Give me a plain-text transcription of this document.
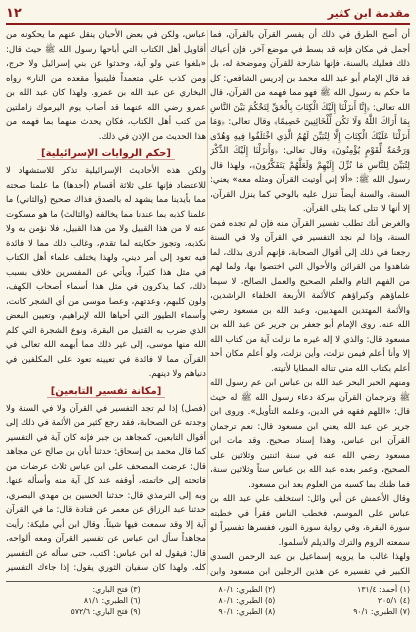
مقدمة ابن كثير
١٢

أن أصح الطرق في ذلك أن يفسر القرآن بالقرآن، فما أجمل في مكان فإنه قد بسط في موضع آخر، فإن أعياك ذلك فعليك بالسنة، فإنها شارحة للقرآن وموضحة له، بل قد قال الإمام أبو عبد الله محمد بن إدريس الشافعي: كل ما حكم به رسول الله ﷺ فهو مما فهمه من القرآن، قال الله تعالى: ﴿إِنَّا أَنزَلْنَا إِلَيْكَ الْكِتَابَ بِالْحَقِّ لِتَحْكُمَ بَيْنَ النَّاسِ بِمَا أَرَاكَ اللَّهُ وَلَا تَكُن لِّلْخَائِنِينَ خَصِيمًا﴾ وقال تعالى: ﴿وَمَا أَنزَلْنَا عَلَيْكَ الْكِتَابَ إِلَّا لِتُبَيِّنَ لَهُمُ الَّذِي اخْتَلَفُوا فِيهِ وَهُدًى وَرَحْمَةً لِّقَوْمٍ يُؤْمِنُونَ﴾ وقال تعالى: ﴿وَأَنزَلْنَا إِلَيْكَ الذِّكْرَ لِتُبَيِّنَ لِلنَّاسِ مَا نُزِّلَ إِلَيْهِمْ وَلَعَلَّهُمْ يَتَفَكَّرُونَ﴾، ولهذا قال رسول الله ﷺ: «ألا إني أوتيت القرآن ومثله معه» يعني: السنة، والسنة أيضاً تنزل عليه بالوحي كما ينزل القرآن، إلا أنها لا تتلى كما يتلى القرآن.

والغرض أنك تطلب تفسير القرآن منه فإن لم تجده فمن السنة، وإذا لم نجد التفسير في القرآن ولا في السنة رجعنا في ذلك إلى أقوال الصحابة، فإنهم أدرى بذلك، لما شاهدوا من القرائن والأحوال التي اختصوا بها، ولما لهم من الفهم التام والعلم الصحيح والعمل الصالح، لا سيما علماؤهم وكبراؤهم كالأئمة الأربعة الخلفاء الراشدين، والأئمة المهتدين المهديين، وعبد الله بن مسعود رضي الله عنه. روى الإمام أبو جعفر بن جرير عن عبد الله بن مسعود قال: والذي لا إله غيره ما نزلت آية من كتاب الله إلا وأنا أعلم فيمن نزلت، وأين نزلت، ولو أعلم مكان أحد أعلم بكتاب الله مني تناله المطايا لأتيته.

ومنهم الحبر البحر عبد الله بن عباس ابن عم رسول الله ﷺ وترجمان القرآن ببركة دعاء رسول الله ﷺ له حيث قال: «اللهم فقهه في الدين، وعلمه التأويل». وروى ابن جرير عن عبد الله يعني ابن مسعود قال: نعم ترجمان القرآن ابن عباس، وهذا إسناد صحيح. وقد مات ابن مسعود رضي الله عنه في سنة اثنتين وثلاثين على الصحيح، وعمر بعده عبد الله بن عباس ستاً وثلاثين سنة، فما ظنك بما كسبه من العلوم بعد ابن مسعود.

وقال الأعمش عن أبي وائل: استخلف علي عبد الله بن عباس على الموسم، فخطب الناس فقرأ في خطبته سورة البقرة، وفي رواية سورة النور، ففسرها تفسيراً لو سمعته الروم والترك والديلم لأسلموا.

ولهذا غالب ما يرويه إسماعيل بن عبد الرحمن السدي الكبير في تفسيره عن هذين الرجلين ابن مسعود وابن

عباس، ولكن في بعض الأحيان ينقل عنهم ما يحكونه من أقاويل أهل الكتاب التي أباحها رسول الله ﷺ حيث قال: «بلغوا عني ولو آية، وحدثوا عن بني إسرائيل ولا حرج، ومن كذب علي متعمداً فليتبوأ مقعده من النار» رواه البخاري عن عبد الله بن عمرو. ولهذا كان عبد الله بن عمرو رضي الله عنهما قد أصاب يوم اليرموك زاملتين من كتب أهل الكتاب، فكان يحدث منهما بما فهمه من هذا الحديث من الإذن في ذلك.

[حكم الروايات الإسرائيلية]

ولكن هذه الأحاديث الإسرائيلية تذكر للاستشهاد لا للاعتضاد فإنها على ثلاثة أقسام (أحدها) ما علمنا صحته مما بأيدينا مما يشهد له بالصدق فذاك صحيح (والثاني) ما علمنا كذبه بما عندنا مما يخالفه (والثالث) ما هو مسكوت عنه لا من هذا القبيل ولا من هذا القبيل، فلا نؤمن به ولا نكذبه، وتجوز حكايته لما تقدم، وغالب ذلك مما لا فائدة فيه تعود إلى أمر ديني، ولهذا يختلف علماء أهل الكتاب في مثل هذا كثيراً، ويأتي عن المفسرين خلاف بسبب ذلك، كما يذكرون في مثل هذا أسماء أصحاب الكهف، ولون كلبهم، وعدتهم، وعصا موسى من أي الشجر كانت، وأسماء الطيور التي أحياها الله لإبراهيم، وتعيين البعض الذي ضرب به القتيل من البقرة، ونوع الشجرة التي كلم الله منها موسى، إلى غير ذلك مما أبهمه الله تعالى في القرآن مما لا فائدة في تعيينه تعود على المكلفين في دنياهم ولا دينهم.

[مكانة تفسير التابعين]

(فصل) إذا لم تجد التفسير في القرآن ولا في السنة ولا وجدته عن الصحابة، فقد رجع كثير من الأئمة في ذلك إلى أقوال التابعين، كمجاهد بن جبر فإنه كان آية في التفسير كما قال محمد بن إسحاق: حدثنا أبان بن صالح عن مجاهد قال: عرضت المصحف على ابن عباس ثلاث عرضات من فاتحته إلى خاتمته، أوقفه عند كل آية منه وأسأله عنها. وبه إلى الترمذي قال: حدثنا الحسين بن مهدي البصري، حدثنا عبد الرزاق عن معمر عن قتادة قال: ما في القرآن آية إلا وقد سمعت فيها شيئاً. وقال ابن أبي مليكة: رأيت مجاهداً سأل ابن عباس عن تفسير القرآن ومعه ألواحه، قال: فيقول له ابن عباس: اكتب، حتى سأله عن التفسير كله. ولهذا كان سفيان الثوري يقول: إذا جاءك التفسير

(١) أحمد: ١٣١/٤
(٢) الطبري: ٨٠/١
(٣) فتح الباري:
(٤) ٢٠٥/١
(٥) الطبري: ٨٠/١
(٦) الطبري: ٨١/١
(٧) الطبري: ٩٠/١
(٨) الطبري: ٩٠/١
(٩) فتح الباري: ٥٧٢/٦
